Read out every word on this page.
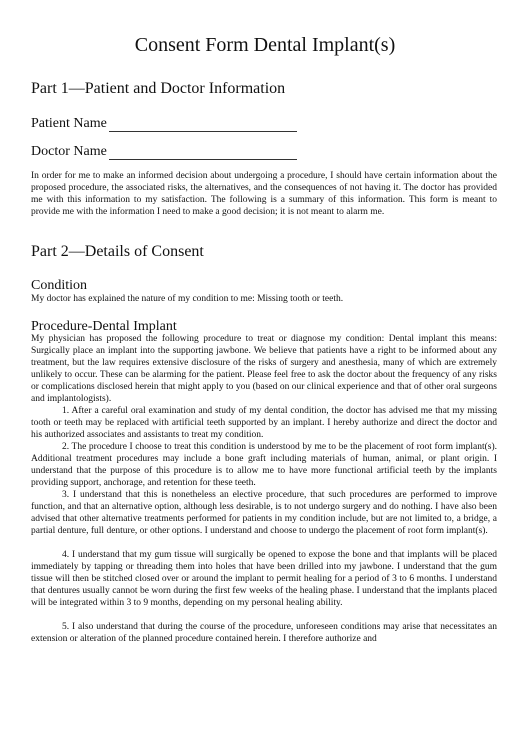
Consent Form Dental Implant(s)
Part 1—Patient and Doctor Information
Patient Name
Doctor Name
In order for me to make an informed decision about undergoing a procedure, I should have certain information about the proposed procedure, the associated risks, the alternatives, and the consequences of not having it. The doctor has provided me with this information to my satisfaction. The following is a summary of this information. This form is meant to provide me with the information I need to make a good decision; it is not meant to alarm me.
Part 2—Details of Consent
Condition
My doctor has explained the nature of my condition to me: Missing tooth or teeth.
Procedure-Dental Implant
My physician has proposed the following procedure to treat or diagnose my condition: Dental implant this means: Surgically place an implant into the supporting jawbone. We believe that patients have a right to be informed about any treatment, but the law requires extensive disclosure of the risks of surgery and anesthesia, many of which are extremely unlikely to occur. These can be alarming for the patient. Please feel free to ask the doctor about the frequency of any risks or complications disclosed herein that might apply to you (based on our clinical experience and that of other oral surgeons and implantologists).
1. After a careful oral examination and study of my dental condition, the doctor has advised me that my missing tooth or teeth may be replaced with artificial teeth supported by an implant. I hereby authorize and direct the doctor and his authorized associates and assistants to treat my condition.
2. The procedure I choose to treat this condition is understood by me to be the placement of root form implant(s). Additional treatment procedures may include a bone graft including materials of human, animal, or plant origin. I understand that the purpose of this procedure is to allow me to have more functional artificial teeth by the implants providing support, anchorage, and retention for these teeth.
3. I understand that this is nonetheless an elective procedure, that such procedures are performed to improve function, and that an alternative option, although less desirable, is to not undergo surgery and do nothing. I have also been advised that other alternative treatments performed for patients in my condition include, but are not limited to, a bridge, a partial denture, full denture, or other options. I understand and choose to undergo the placement of root form implant(s).
4. I understand that my gum tissue will surgically be opened to expose the bone and that implants will be placed immediately by tapping or threading them into holes that have been drilled into my jawbone. I understand that the gum tissue will then be stitched closed over or around the implant to permit healing for a period of 3 to 6 months. I understand that dentures usually cannot be worn during the first few weeks of the healing phase. I understand that the implants placed will be integrated within 3 to 9 months, depending on my personal healing ability.
5. I also understand that during the course of the procedure, unforeseen conditions may arise that necessitates an extension or alteration of the planned procedure contained herein. I therefore authorize and
